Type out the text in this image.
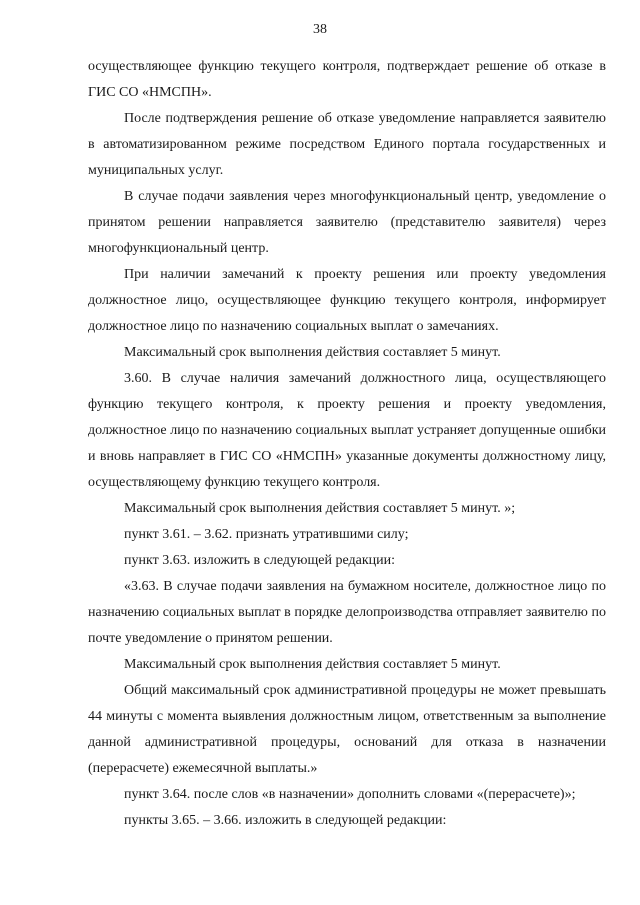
38

осуществляющее функцию текущего контроля, подтверждает решение об отказе в ГИС СО «НМСПН».

После подтверждения решение об отказе уведомление направляется заявителю в автоматизированном режиме посредством Единого портала государственных и муниципальных услуг.

В случае подачи заявления через многофункциональный центр, уведомление о принятом решении направляется заявителю (представителю заявителя) через многофункциональный центр.

При наличии замечаний к проекту решения или проекту уведомления должностное лицо, осуществляющее функцию текущего контроля, информирует должностное лицо по назначению социальных выплат о замечаниях.

Максимальный срок выполнения действия составляет 5 минут.

3.60. В случае наличия замечаний должностного лица, осуществляющего функцию текущего контроля, к проекту решения и проекту уведомления, должностное лицо по назначению социальных выплат устраняет допущенные ошибки и вновь направляет в ГИС СО «НМСПН» указанные документы должностному лицу, осуществляющему функцию текущего контроля.

Максимальный срок выполнения действия составляет 5 минут. »;

пункт 3.61. – 3.62. признать утратившими силу;

пункт 3.63. изложить в следующей редакции:

«3.63. В случае подачи заявления на бумажном носителе, должностное лицо по назначению социальных выплат в порядке делопроизводства отправляет заявителю по почте уведомление о принятом решении.

Максимальный срок выполнения действия составляет 5 минут.

Общий максимальный срок административной процедуры не может превышать 44 минуты с момента выявления должностным лицом, ответственным за выполнение данной административной процедуры, оснований для отказа в назначении (перерасчете) ежемесячной выплаты.»

пункт 3.64. после слов «в назначении» дополнить словами «(перерасчете)»;

пункты 3.65. – 3.66. изложить в следующей редакции:
